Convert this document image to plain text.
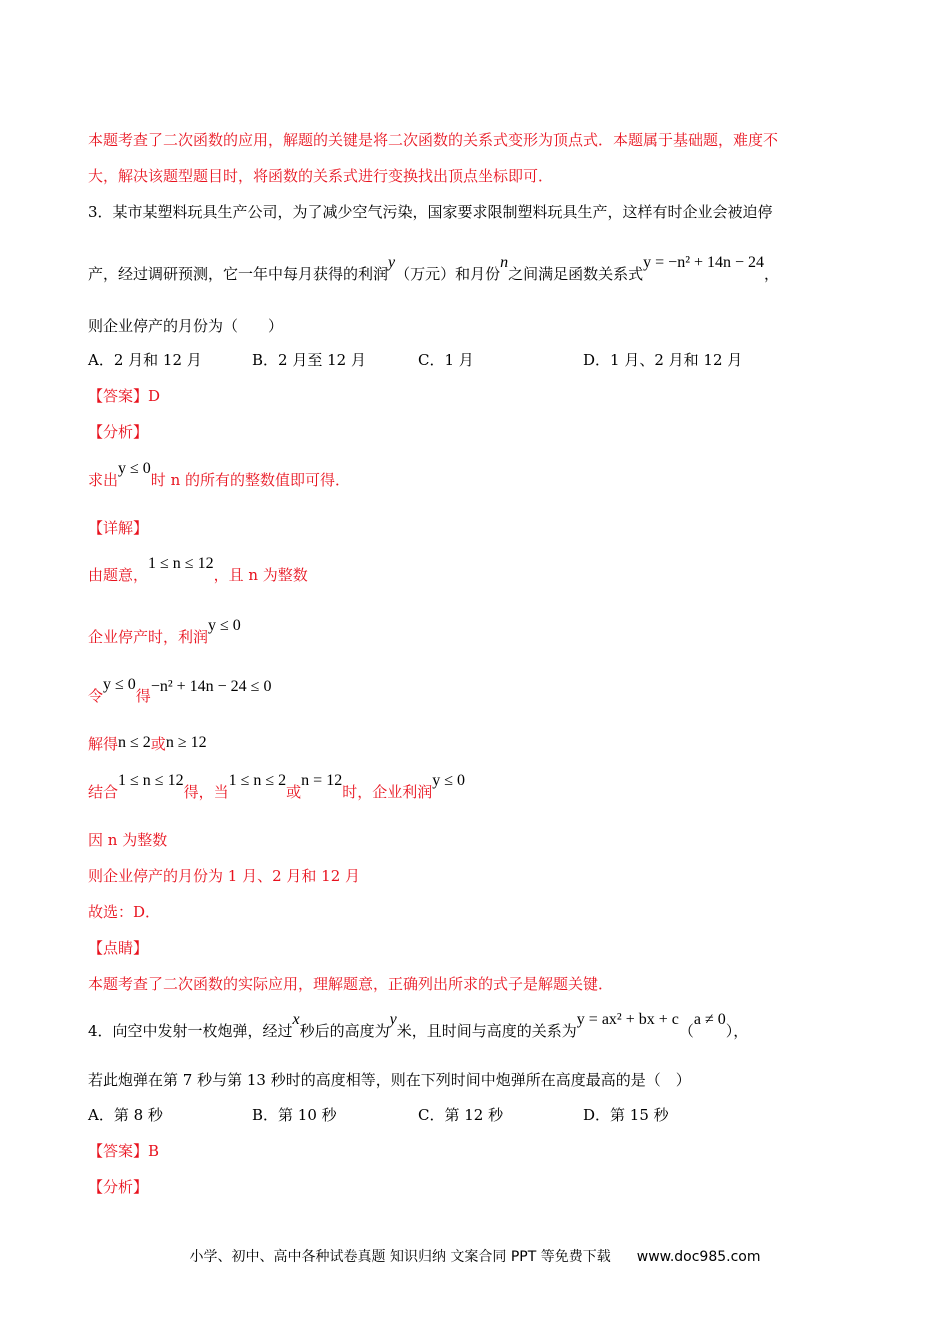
本题考查了二次函数的应用，解题的关键是将二次函数的关系式变形为顶点式．本题属于基础题，难度不
大，解决该题型题目时，将函数的关系式进行变换找出顶点坐标即可．
3．某市某塑料玩具生产公司，为了减少空气污染，国家要求限制塑料玩具生产，这样有时企业会被迫停
产，经过调研预测，它一年中每月获得的利润y（万元）和月份n之间满足函数关系式y = −n² + 14n − 24，
则企业停产的月份为（　　）
A．2 月和 12 月	B．2 月至 12 月	C．1 月	D．1 月、2 月和 12 月
【答案】D
【分析】
求出y ≤ 0时 n 的所有的整数值即可得．
【详解】
由题意，1 ≤ n ≤ 12，且 n 为整数
企业停产时，利润y ≤ 0
令y ≤ 0得−n² + 14n − 24 ≤ 0
解得n ≤ 2或n ≥ 12
结合1 ≤ n ≤ 12得，当1 ≤ n ≤ 2或n = 12时，企业利润y ≤ 0
因 n 为整数
则企业停产的月份为 1 月、2 月和 12 月
故选：D．
【点睛】
本题考查了二次函数的实际应用，理解题意，正确列出所求的式子是解题关键．
4．向空中发射一枚炮弹，经过x秒后的高度为y米，且时间与高度的关系为y = ax² + bx + c（a ≠ 0），
若此炮弹在第 7 秒与第 13 秒时的高度相等，则在下列时间中炮弹所在高度最高的是（　）
A．第 8 秒	B．第 10 秒	C．第 12 秒	D．第 15 秒
【答案】B
【分析】
小学、初中、高中各种试卷真题 知识归纳 文案合同 PPT 等免费下载 www.doc985.com
